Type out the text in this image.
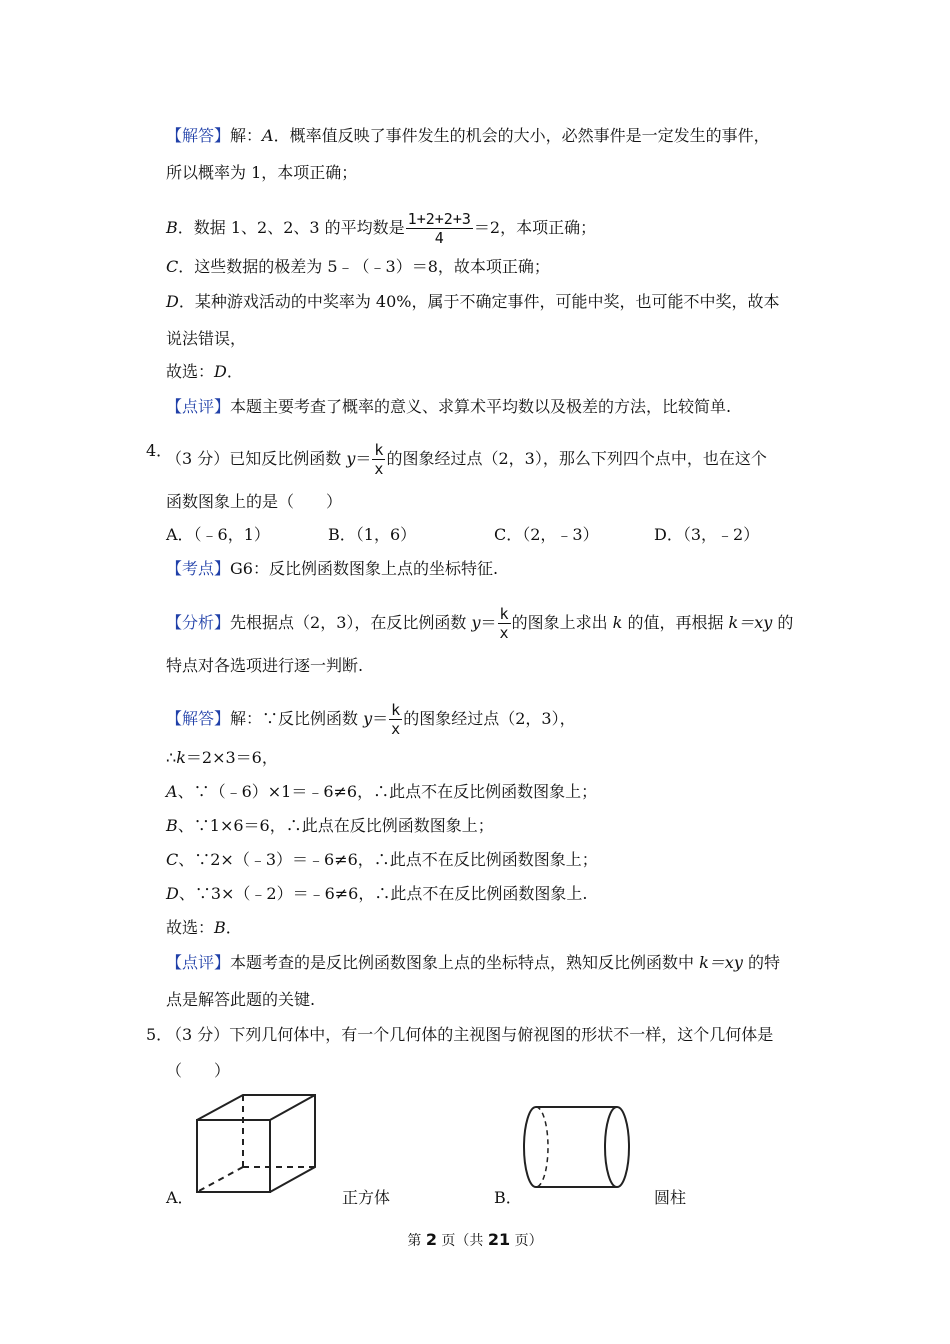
【解答】解：A．概率值反映了事件发生的机会的大小，必然事件是一定发生的事件，
所以概率为 1，本项正确；
B．数据 1、2、2、3 的平均数是 $\frac{1+2+2+3}{4} =2$，本项正确；
C．这些数据的极差为 5﹣（﹣3）＝8，故本项正确；
D．某种游戏活动的中奖率为 40%，属于不确定事件，可能中奖，也可能不中奖，故本
说法错误，
故选：D．
【点评】本题主要考查了概率的意义、求算术平均数以及极差的方法，比较简单.
4．
（3 分）已知反比例函数 $y= \frac{k}{x}$ 的图象经过点（2，3），那么下列四个点中，也在这个
函数图象上的是（　　）
A．（﹣6，1）	B．（1，6）	C．（2，﹣3）	D．（3，﹣2）
【考点】G6：反比例函数图象上点的坐标特征.
【分析】先根据点（2，3），在反比例函数 $y= \frac{k}{x}$ 的图象上求出 k 的值，再根据 k＝xy 的
特点对各选项进行逐一判断.
【解答】解：∵反比例函数 $y= \frac{k}{x}$ 的图象经过点（2，3），
∴k＝2×3＝6，
A、∵（﹣6）×1＝﹣6≠6，∴此点不在反比例函数图象上；
B、∵1×6＝6，∴此点在反比例函数图象上；
C、∵2×（﹣3）＝﹣6≠6，∴此点不在反比例函数图象上；
D、∵3×（﹣2）＝﹣6≠6，∴此点不在反比例函数图象上.
故选：B．
【点评】本题考查的是反比例函数图象上点的坐标特点，熟知反比例函数中 k＝xy 的特
点是解答此题的关键.
5．
（3 分）下列几何体中，有一个几何体的主视图与俯视图的形状不一样，这个几何体是
（　　）
A．	正方体	B．	圆柱
第 2 页（共 21 页）
